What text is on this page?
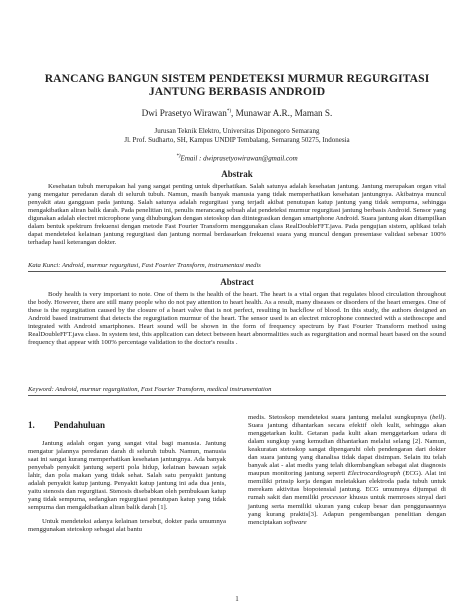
RANCANG BANGUN SISTEM PENDETEKSI MURMUR REGURGITASI
JANTUNG BERBASIS ANDROID
Dwi Prasetyo Wirawan*), Munawar A.R., Maman S.
Jurusan Teknik Elektro, Universitas Diponegoro Semarang
Jl. Prof. Sudharto, SH, Kampus UNDIP Tembalang, Semarang 50275, Indonesia
*)Email : dwiprasetyowirawan@gmail.com
Abstrak

Kesehatan tubuh merupakan hal yang sangat penting untuk diperhatikan. Salah satunya adalah kesehatan jantung. Jantung merupakan organ vital yang mengatur peredaran darah di seluruh tubuh. Namun, masih banyak manusia yang tidak memperhatikan kesehatan jantungnya. Akibatnya muncul penyakit atau gangguan pada jantung. Salah satunya adalah regurgitasi yang terjadi akibat penutupan katup jantung yang tidak sempurna, sehingga mengakibatkan aliran balik darah. Pada penelitian ini, penulis merancang sebuah alat pendeteksi murmur regurgitasi jantung berbasis Android. Sensor yang digunakan adalah electret microphone yang dihubungkan dengan stetoskop dan diintegrasikan dengan smartphone Android. Suara jantung akan ditampilkan dalam bentuk spektrum frekuensi dengan metode Fast Fourier Transform menggunakan class RealDoubleFFT.java. Pada pengujian sistem, aplikasi telah dapat mendeteksi kelainan jantung regurgitasi dan jantung normal berdasarkan frekuensi suara yang muncul dengan presentase validasi sebesar 100% terhadap hasil keterangan dokter.

Kata Kunci: Android, murmur regurgitasi, Fast Fourier Transform, instrumentasi medis

Abstract

Body health is very important to note. One of them is the health of the heart. The heart is a vital organ that regulates blood circulation throughout the body. However, there are still many people who do not pay attention to heart health. As a result, many diseases or disorders of the heart emerges. One of these is the regurgitation caused by the closure of a heart valve that is not perfect, resulting in backflow of blood. In this study, the authors designed an Android based instrument that detects the regurgitation murmur of the heart. The sensor used is an electret microphone connected with a stethoscope and integrated with Android smartphones. Heart sound will be shown in the form of frequency spectrum by Fast Fourier Transform method using RealDoubleFFT.java class. In system test, this application can detect between heart abnormalities such as regurgitation and normal heart based on the sound frequency that appear with 100% percentage validation to the doctor's results .

Keyword: Android, murmur regurgitation, Fast Fourier Transform, medical instrumentation

1. Pendahuluan

Jantung adalah organ yang sangat vital bagi manusia. Jantung mengatur jalannya peredaran darah di seluruh tubuh. Namun, manusia saat ini sangat kurang memperhatikan kesehatan jantungnya. Ada banyak penyebab penyakit jantung seperti pola hidup, kelainan bawaan sejak lahir, dan pola makan yang tidak sehat. Salah satu penyakit jantung adalah penyakit katup jantung. Penyakit katup jantung ini ada dua jenis, yaitu stenosis dan regurgitasi. Stenosis disebabkan oleh pembukaan katup yang tidak sempurna, sedangkan regurgitasi penutupan katup yang tidak sempurna dan mengakibatkan aliran balik darah [1].

Untuk mendeteksi adanya kelainan tersebut, dokter pada umumnya menggunakan stetoskop sebagai alat bantu

medis. Stetoskop mendeteksi suara jantung melalui sungkupnya (bell). Suara jantung dihantarkan secara efektif oleh kulit, sehingga akan menggetarkan kulit. Getaran pada kulit akan menggetarkan udara di dalam sungkup yang kemudian dihantarkan melalui selang [2]. Namun, keakuratan stetoskop sangat dipengaruhi oleh pendengaran dari dokter dan suara jantung yang dianalisa tidak dapat disimpan. Selain itu telah banyak alat - alat medis yang telah dikembangkan sebagai alat diagnosis maupun monitoring jantung seperti Electrocardiograph (ECG). Alat ini memiliki prinsip kerja dengan meletakkan elektroda pada tubuh untuk merekam aktivitas biopotensial jantung. ECG umumnya dijumpai di rumah sakit dan memiliki processor khusus untuk memroses sinyal dari jantung serta memiliki ukuran yang cukup besar dan penggunaannya yang kurang praktis[3]. Adapun pengembangan penelitian dengan menciptakan software

1
